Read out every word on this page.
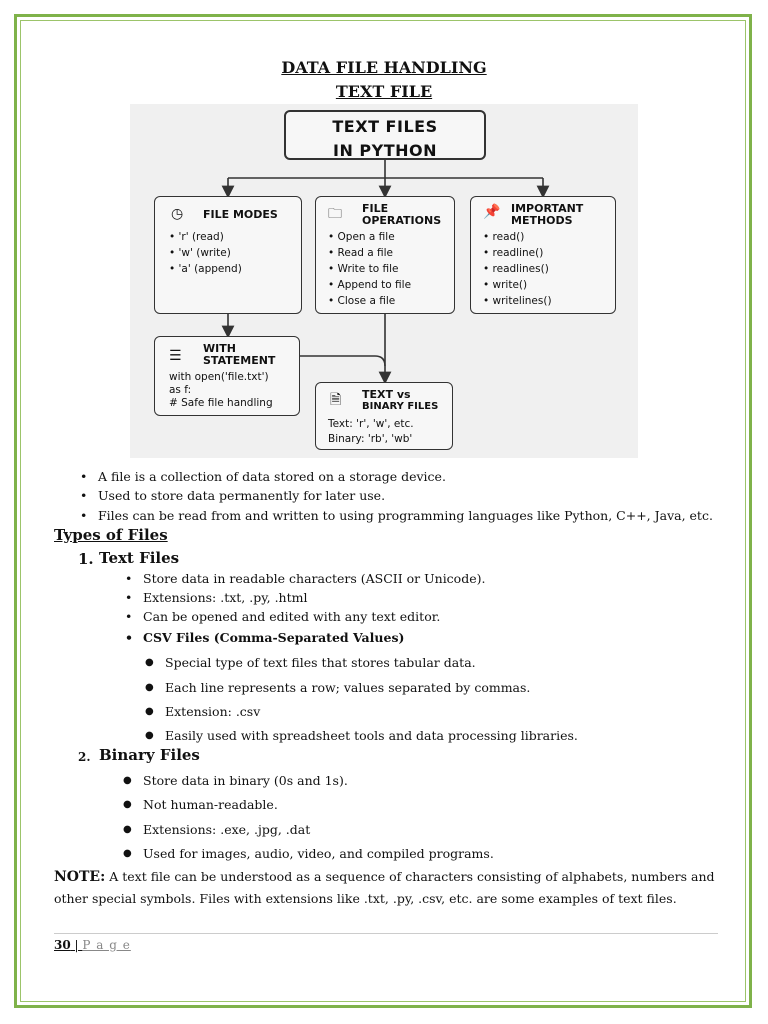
DATA FILE HANDLING
TEXT FILE
TEXT FILES
IN PYTHON
◷ FILE MODES
• 'r' (read)
• 'w' (write)
• 'a' (append)
🗀 FILE
OPERATIONS
• Open a file
• Read a file
• Write to file
• Append to file
• Close a file
📌 IMPORTANT
METHODS
• read()
• readline()
• readlines()
• write()
• writelines()
☰ WITH
STATEMENT
with open('file.txt')
as f:
# Safe file handling	🗎 TEXT vs
BINARY FILES
Text: 'r', 'w', etc.
Binary: 'rb', 'wb'
• A file is a collection of data stored on a storage device.
• Used to store data permanently for later use.
• Files can be read from and written to using programming languages like Python, C++, Java, etc.
Types of Files
1. Text Files
• Store data in readable characters (ASCII or Unicode).
• Extensions: .txt, .py, .html
• Can be opened and edited with any text editor.
• CSV Files (Comma-Separated Values)
● Special type of text files that stores tabular data.
● Each line represents a row; values separated by commas.
● Extension: .csv
● Easily used with spreadsheet tools and data processing libraries.
2. Binary Files
● Store data in binary (0s and 1s).
● Not human-readable.
● Extensions: .exe, .jpg, .dat
● Used for images, audio, video, and compiled programs.
NOTE: A text file can be understood as a sequence of characters consisting of alphabets, numbers and
other special symbols. Files with extensions like .txt, .py, .csv, etc. are some examples of text files.
30 | P a g e
